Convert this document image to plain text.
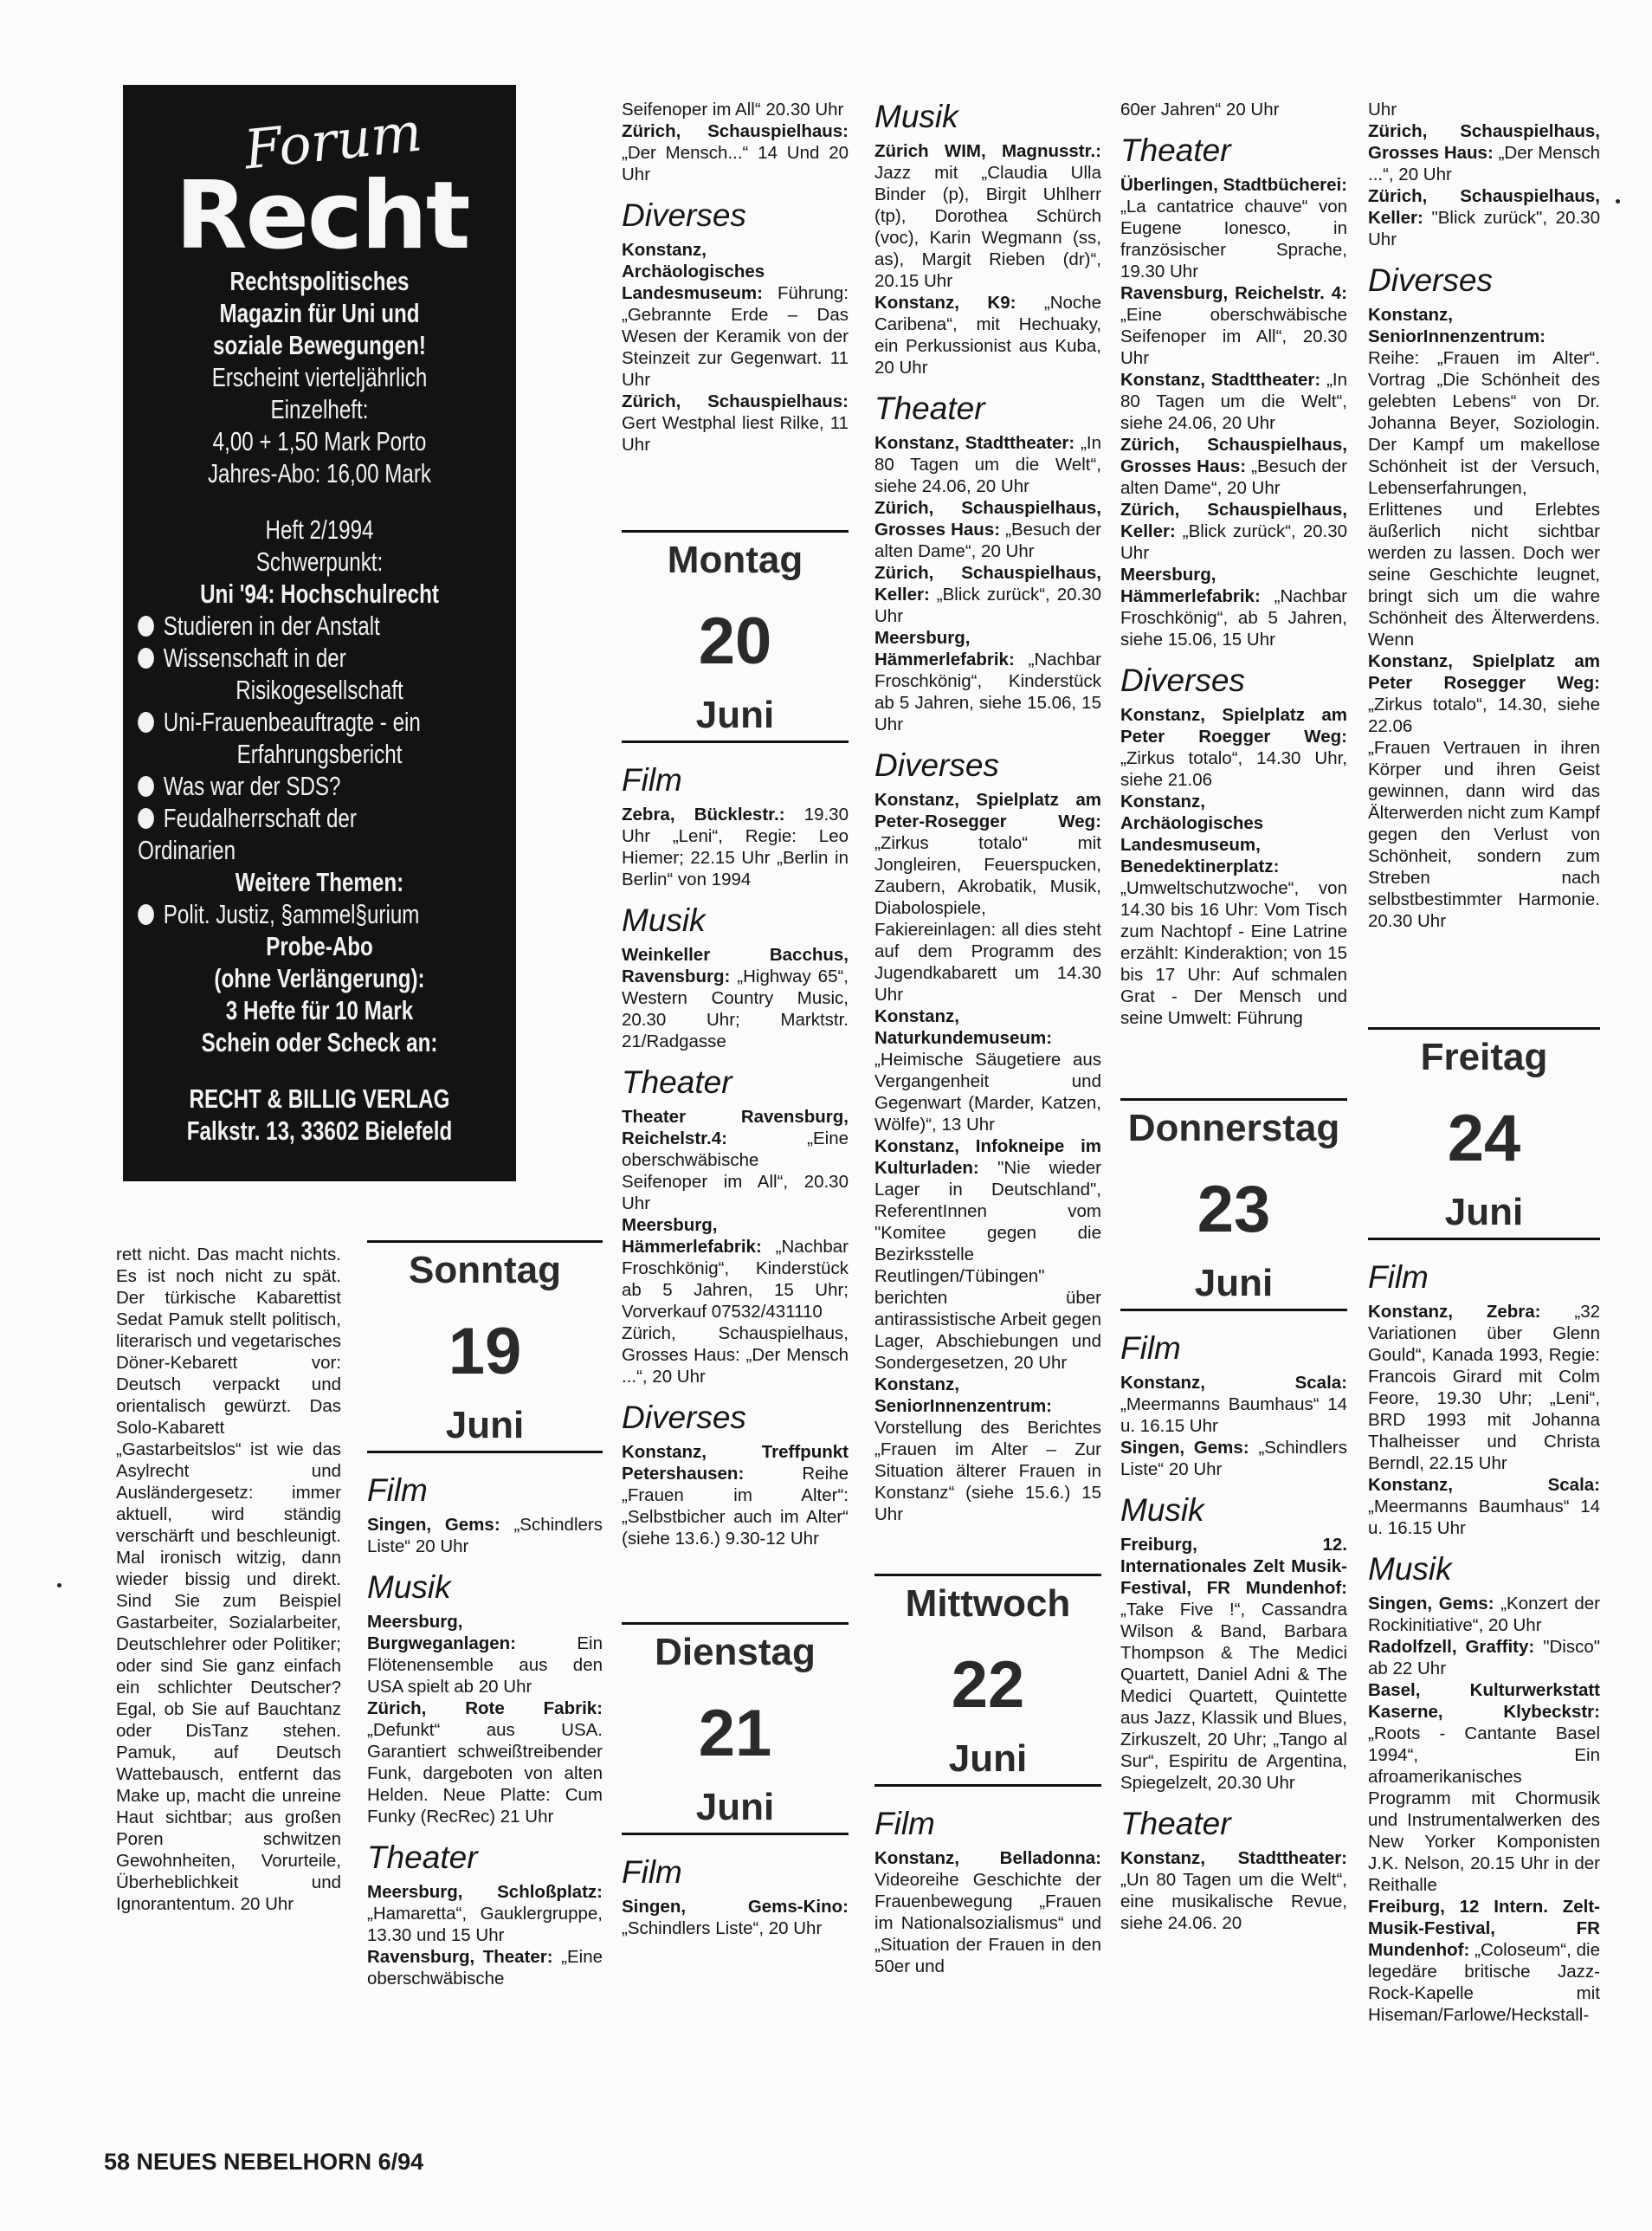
Forum
Recht
Rechtspolitisches
Magazin für Uni und
soziale Bewegungen!
Erscheint vierteljährlich
Einzelheft:
4,00 + 1,50 Mark Porto
Jahres-Abo: 16,00 Mark
Heft 2/1994
Schwerpunkt:
Uni '94: Hochschulrecht
Studieren in der Anstalt
Wissenschaft in der
Risikogesellschaft
Uni-Frauenbeauftragte - ein
Erfahrungsbericht
Was war der SDS?
Feudalherrschaft der Ordinarien
Weitere Themen:
Polit. Justiz, §ammel§urium
Probe-Abo
(ohne Verlängerung):
3 Hefte für 10 Mark
Schein oder Scheck an:
RECHT & BILLIG VERLAG
Falkstr. 13, 33602 Bielefeld

rett nicht. Das macht nichts. Es ist noch nicht zu spät. Der türkische Kabarettist Sedat Pamuk stellt politisch, literarisch und vegetarisches Döner-Kebarett vor: Deutsch verpackt und orientalisch gewürzt. Das Solo-Kabarett „Gastarbeitslos“ ist wie das Asylrecht und Ausländergesetz: immer aktuell, wird ständig verschärft und beschleunigt. Mal ironisch witzig, dann wieder bissig und direkt. Sind Sie zum Beispiel Gastarbeiter, Sozialarbeiter, Deutschlehrer oder Politiker; oder sind Sie ganz einfach ein schlichter Deutscher? Egal, ob Sie auf Bauchtanz oder DisTanz stehen. Pamuk, auf Deutsch Wattebausch, entfernt das Make up, macht die unreine Haut sichtbar; aus großen Poren schwitzen Gewohnheiten, Vorurteile, Überheblichkeit und Ignorantentum. 20 Uhr

Sonntag
19
Juni
Film

Singen, Gems: „Schindlers Liste“ 20 Uhr

Musik

Meersburg, Burgweganlagen: Ein Flötenensemble aus den USA spielt ab 20 Uhr

Zürich, Rote Fabrik: „Defunkt“ aus USA. Garantiert schweißtreibender Funk, dargeboten von alten Helden. Neue Platte: Cum Funky (RecRec) 21 Uhr

Theater

Meersburg, Schloßplatz: „Hamaretta“, Gauklergruppe, 13.30 und 15 Uhr

Ravensburg, Theater: „Eine oberschwäbische

Seifenoper im All“ 20.30 Uhr

Zürich, Schauspielhaus: „Der Mensch...“ 14 Und 20 Uhr

Diverses

Konstanz, Archäologisches Landesmuseum: Führung: „Gebrannte Erde – Das Wesen der Keramik von der Steinzeit zur Gegenwart. 11 Uhr

Zürich, Schauspielhaus: Gert Westphal liest Rilke, 11 Uhr

Montag
20
Juni
Film

Zebra, Bücklestr.: 19.30 Uhr „Leni“, Regie: Leo Hiemer; 22.15 Uhr „Berlin in Berlin“ von 1994

Musik

Weinkeller Bacchus, Ravensburg: „Highway 65“, Western Country Music, 20.30 Uhr; Marktstr. 21/Radgasse

Theater

Theater Ravensburg, Reichelstr.4: „Eine oberschwäbische Seifenoper im All“, 20.30 Uhr

Meersburg, Hämmerlefabrik: „Nachbar Froschkönig“, Kinderstück ab 5 Jahren, 15 Uhr; Vorverkauf 07532/431110

Zürich, Schauspielhaus, Grosses Haus: „Der Mensch ...“, 20 Uhr

Diverses

Konstanz, Treffpunkt Petershausen: Reihe „Frauen im Alter“: „Selbstbicher auch im Alter“ (siehe 13.6.) 9.30-12 Uhr

Dienstag
21
Juni
Film

Singen, Gems-Kino: „Schindlers Liste“, 20 Uhr

Musik

Zürich WIM, Magnusstr.: Jazz mit „Claudia Ulla Binder (p), Birgit Uhlherr (tp), Dorothea Schürch (voc), Karin Wegmann (ss, as), Margit Rieben (dr)“, 20.15 Uhr

Konstanz, K9: „Noche Caribena“, mit Hechuaky, ein Perkussionist aus Kuba, 20 Uhr

Theater

Konstanz, Stadttheater: „In 80 Tagen um die Welt“, siehe 24.06, 20 Uhr

Zürich, Schauspielhaus, Grosses Haus: „Besuch der alten Dame“, 20 Uhr

Zürich, Schauspielhaus, Keller: „Blick zurück“, 20.30 Uhr

Meersburg, Hämmerlefabrik: „Nachbar Froschkönig“, Kinderstück ab 5 Jahren, siehe 15.06, 15 Uhr

Diverses

Konstanz, Spielplatz am Peter-Rosegger Weg: „Zirkus totalo“ mit Jongleiren, Feuerspucken, Zaubern, Akrobatik, Musik, Diabolospiele, Fakiereinlagen: all dies steht auf dem Programm des Jugendkabarett um 14.30 Uhr

Konstanz, Naturkundemuseum: „Heimische Säugetiere aus Vergangenheit und Gegenwart (Marder, Katzen, Wölfe)“, 13 Uhr

Konstanz, Infokneipe im Kulturladen: "Nie wieder Lager in Deutschland", ReferentInnen vom "Komitee gegen die Bezirksstelle Reutlingen/Tübingen" berichten über antirassistische Arbeit gegen Lager, Abschiebungen und Sondergesetzen, 20 Uhr

Konstanz, SeniorInnenzentrum: Vorstellung des Berichtes „Frauen im Alter – Zur Situation älterer Frauen in Konstanz“ (siehe 15.6.) 15 Uhr

Mittwoch
22
Juni
Film

Konstanz, Belladonna: Videoreihe Geschichte der Frauenbewegung „Frauen im Nationalsozialismus“ und „Situation der Frauen in den 50er und

60er Jahren“ 20 Uhr

Theater

Überlingen, Stadtbücherei: „La cantatrice chauve“ von Eugene Ionesco, in französischer Sprache, 19.30 Uhr

Ravensburg, Reichelstr. 4: „Eine oberschwäbische Seifenoper im All“, 20.30 Uhr

Konstanz, Stadttheater: „In 80 Tagen um die Welt“, siehe 24.06, 20 Uhr

Zürich, Schauspielhaus, Grosses Haus: „Besuch der alten Dame“, 20 Uhr

Zürich, Schauspielhaus, Keller: „Blick zurück“, 20.30 Uhr

Meersburg, Hämmerlefabrik: „Nachbar Froschkönig“, ab 5 Jahren, siehe 15.06, 15 Uhr

Diverses

Konstanz, Spielplatz am Peter Roegger Weg: „Zirkus totalo“, 14.30 Uhr, siehe 21.06

Konstanz, Archäologisches Landesmuseum, Benedektinerplatz: „Umweltschutzwoche“, von 14.30 bis 16 Uhr: Vom Tisch zum Nachtopf - Eine Latrine erzählt: Kinderaktion; von 15 bis 17 Uhr: Auf schmalen Grat - Der Mensch und seine Umwelt: Führung

Donnerstag
23
Juni
Film

Konstanz, Scala: „Meermanns Baumhaus“ 14 u. 16.15 Uhr

Singen, Gems: „Schindlers Liste“ 20 Uhr

Musik

Freiburg, 12. Internationales Zelt Musik-Festival, FR Mundenhof: „Take Five !“, Cassandra Wilson & Band, Barbara Thompson & The Medici Quartett, Daniel Adni & The Medici Quartett, Quintette aus Jazz, Klassik und Blues, Zirkuszelt, 20 Uhr; „Tango al Sur“, Espiritu de Argentina, Spiegelzelt, 20.30 Uhr

Theater

Konstanz, Stadttheater: „Un 80 Tagen um die Welt“, eine musikalische Revue, siehe 24.06. 20

Uhr

Zürich, Schauspielhaus, Grosses Haus: „Der Mensch ...“, 20 Uhr

Zürich, Schauspielhaus, Keller: "Blick zurück", 20.30 Uhr

Diverses

Konstanz, SeniorInnenzentrum: Reihe: „Frauen im Alter“. Vortrag „Die Schönheit des gelebten Lebens“ von Dr. Johanna Beyer, Soziologin. Der Kampf um makellose Schönheit ist der Versuch, Lebenserfahrungen, Erlittenes und Erlebtes äußerlich nicht sichtbar werden zu lassen. Doch wer seine Geschichte leugnet, bringt sich um die wahre Schönheit des Älterwerdens. Wenn

Konstanz, Spielplatz am Peter Rosegger Weg: „Zirkus totalo“, 14.30, siehe 22.06

„Frauen Vertrauen in ihren Körper und ihren Geist gewinnen, dann wird das Älterwerden nicht zum Kampf gegen den Verlust von Schönheit, sondern zum Streben nach selbstbestimmter Harmonie. 20.30 Uhr

Freitag
24
Juni
Film

Konstanz, Zebra: „32 Variationen über Glenn Gould“, Kanada 1993, Regie: Francois Girard mit Colm Feore, 19.30 Uhr; „Leni“, BRD 1993 mit Johanna Thalheisser und Christa Berndl, 22.15 Uhr

Konstanz, Scala: „Meermanns Baumhaus“ 14 u. 16.15 Uhr

Musik

Singen, Gems: „Konzert der Rockinitiative“, 20 Uhr

Radolfzell, Graffity: "Disco" ab 22 Uhr

Basel, Kulturwerkstatt Kaserne, Klybeckstr: „Roots - Cantante Basel 1994“, Ein afroamerikanisches Programm mit Chormusik und Instrumentalwerken des New Yorker Komponisten J.K. Nelson, 20.15 Uhr in der Reithalle

Freiburg, 12 Intern. Zelt-Musik-Festival, FR Mundenhof: „Coloseum“, die legedäre britische Jazz-Rock-Kapelle mit Hiseman/Farlowe/Heckstall-

58 NEUES NEBELHORN 6/94
